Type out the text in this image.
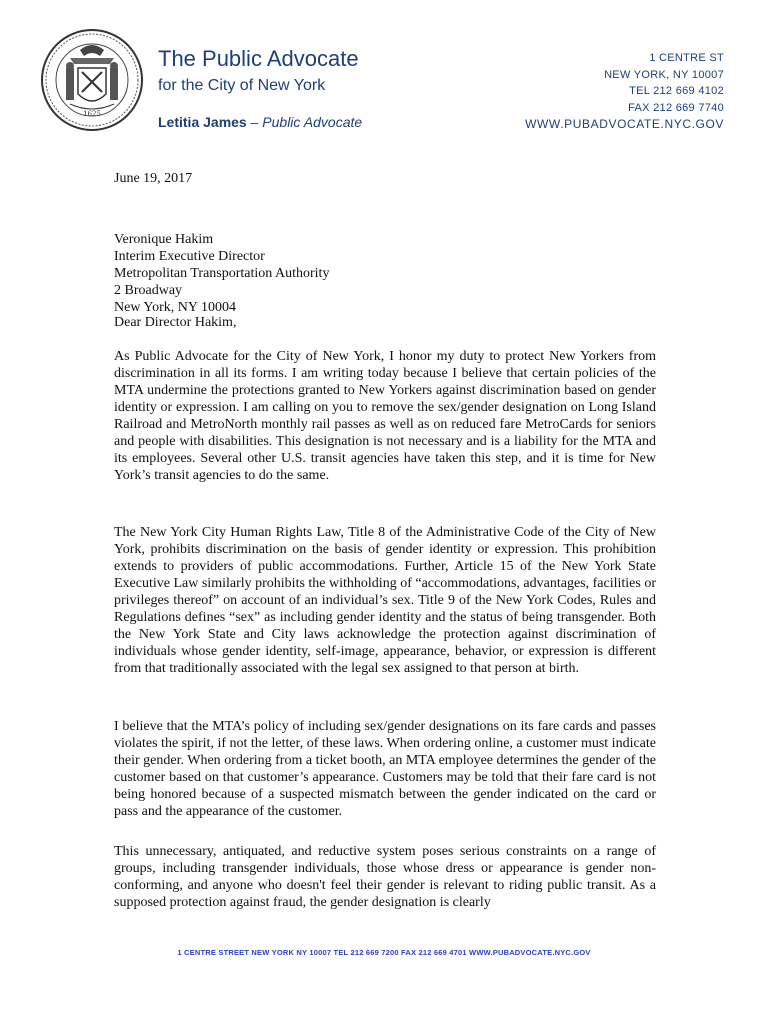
1625
The Public Advocate
for the City of New York
Letitia James – Public Advocate
1 CENTRE ST
NEW YORK, NY 10007
TEL 212 669 4102
FAX 212 669 7740
WWW.PUBADVOCATE.NYC.GOV
June 19, 2017
Veronique Hakim
Interim Executive Director
Metropolitan Transportation Authority
2 Broadway
New York, NY 10004
Dear Director Hakim,
As Public Advocate for the City of New York, I honor my duty to protect New Yorkers from discrimination in all its forms. I am writing today because I believe that certain policies of the MTA undermine the protections granted to New Yorkers against discrimination based on gender identity or expression. I am calling on you to remove the sex/gender designation on Long Island Railroad and MetroNorth monthly rail passes as well as on reduced fare MetroCards for seniors and people with disabilities. This designation is not necessary and is a liability for the MTA and its employees. Several other U.S. transit agencies have taken this step, and it is time for New York’s transit agencies to do the same.
The New York City Human Rights Law, Title 8 of the Administrative Code of the City of New York, prohibits discrimination on the basis of gender identity or expression. This prohibition extends to providers of public accommodations. Further, Article 15 of the New York State Executive Law similarly prohibits the withholding of “accommodations, advantages, facilities or privileges thereof” on account of an individual’s sex. Title 9 of the New York Codes, Rules and Regulations defines “sex” as including gender identity and the status of being transgender. Both the New York State and City laws acknowledge the protection against discrimination of individuals whose gender identity, self-image, appearance, behavior, or expression is different from that traditionally associated with the legal sex assigned to that person at birth.
I believe that the MTA’s policy of including sex/gender designations on its fare cards and passes violates the spirit, if not the letter, of these laws. When ordering online, a customer must indicate their gender. When ordering from a ticket booth, an MTA employee determines the gender of the customer based on that customer’s appearance. Customers may be told that their fare card is not being honored because of a suspected mismatch between the gender indicated on the card or pass and the appearance of the customer.
This unnecessary, antiquated, and reductive system poses serious constraints on a range of groups, including transgender individuals, those whose dress or appearance is gender non-conforming, and anyone who doesn't feel their gender is relevant to riding public transit. As a supposed protection against fraud, the gender designation is clearly
1 CENTRE STREET NEW YORK NY 10007 TEL 212 669 7200 FAX 212 669 4701 WWW.PUBADVOCATE.NYC.GOV
